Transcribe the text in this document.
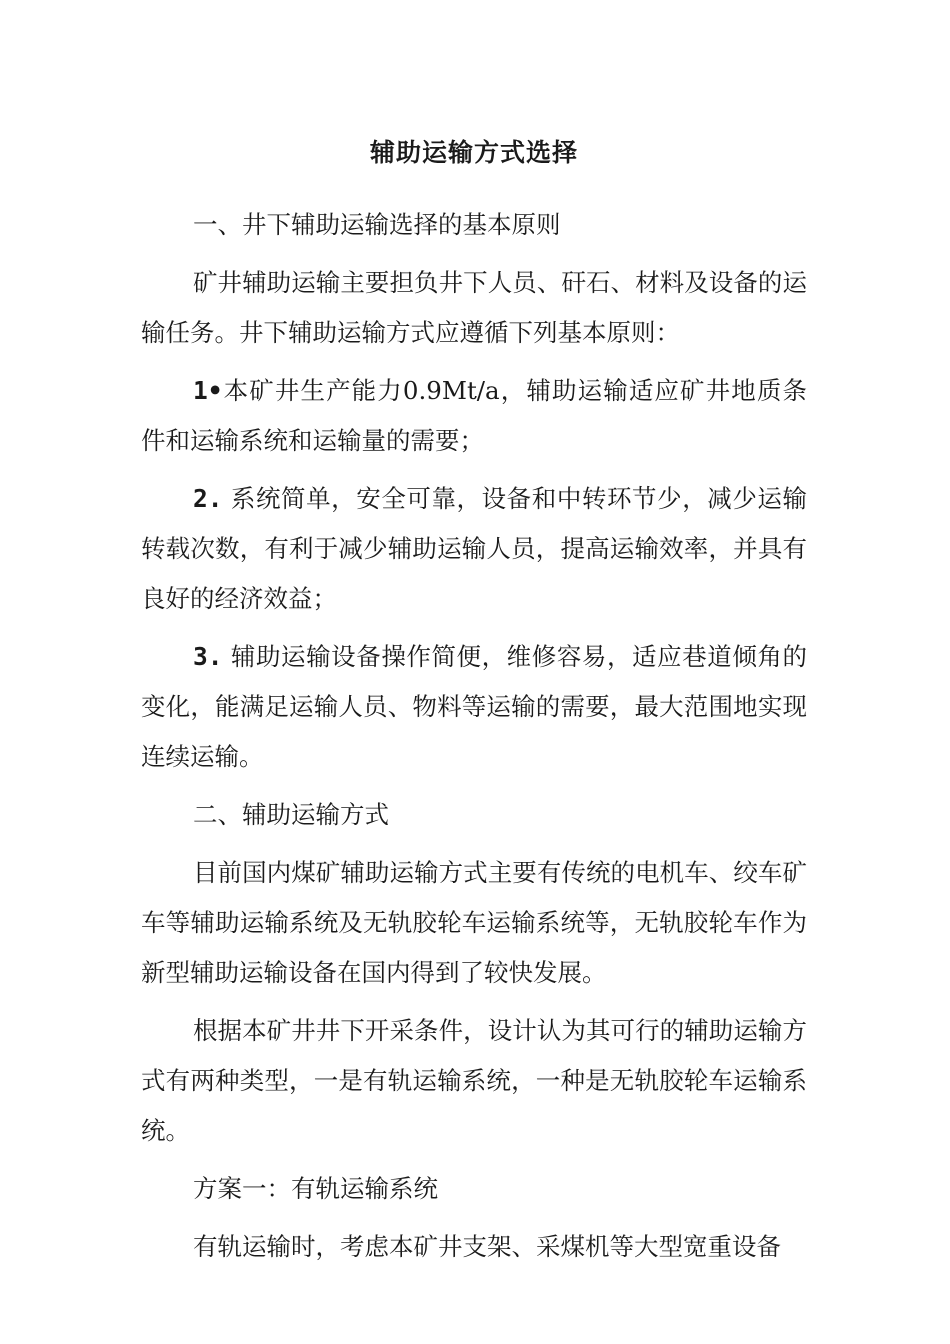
辅助运输方式选择

一、井下辅助运输选择的基本原则

矿井辅助运输主要担负井下人员、矸石、材料及设备的运输任务。井下辅助运输方式应遵循下列基本原则：

1•本矿井生产能力0.9Mt/a，辅助运输适应矿井地质条件和运输系统和运输量的需要；

2. 系统简单，安全可靠，设备和中转环节少，减少运输转载次数，有利于减少辅助运输人员，提高运输效率，并具有良好的经济效益；

3. 辅助运输设备操作简便，维修容易，适应巷道倾角的变化，能满足运输人员、物料等运输的需要，最大范围地实现连续运输。

二、辅助运输方式

目前国内煤矿辅助运输方式主要有传统的电机车、绞车矿车等辅助运输系统及无轨胶轮车运输系统等，无轨胶轮车作为新型辅助运输设备在国内得到了较快发展。

根据本矿井井下开采条件，设计认为其可行的辅助运输方式有两种类型，一是有轨运输系统，一种是无轨胶轮车运输系统。

方案一：有轨运输系统

有轨运输时，考虑本矿井支架、采煤机等大型宽重设备
